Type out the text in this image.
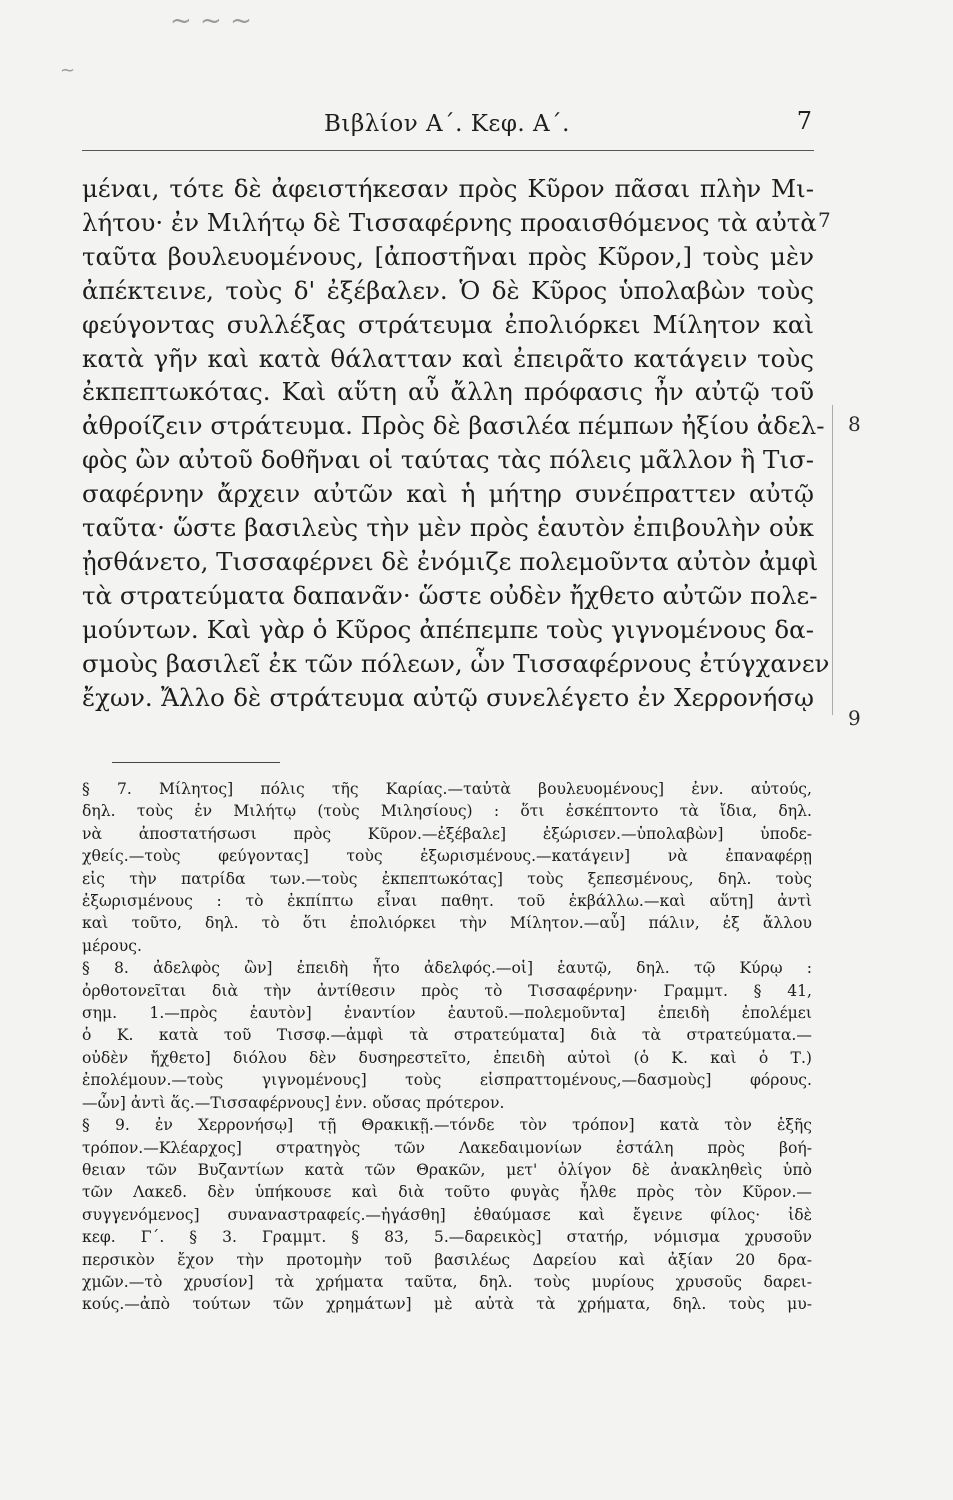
~ ~ ~
~
Βιβλίον Α΄. Κεφ. Α΄.	7
μέναι, τότε δὲ ἀφειστήκεσαν πρὸς Κῦρον πᾶσαι πλὴν Μι-
λήτου· ἐν Μιλήτῳ δὲ Τισσαφέρνης προαισθόμενος τὰ αὐτὰ
ταῦτα βουλευομένους, [ἀποστῆναι πρὸς Κῦρον,] τοὺς μὲν
ἀπέκτεινε, τοὺς δ' ἐξέβαλεν. Ὁ δὲ Κῦρος ὑπολαβὼν τοὺς
φεύγοντας συλλέξας στράτευμα ἐπολιόρκει Μίλητον καὶ
κατὰ γῆν καὶ κατὰ θάλατταν καὶ ἐπειρᾶτο κατάγειν τοὺς
ἐκπεπτωκότας. Καὶ αὕτη αὖ ἄλλη πρόφασις ἦν αὐτῷ τοῦ
ἀθροίζειν στράτευμα. Πρὸς δὲ βασιλέα πέμπων ἠξίου ἀδελ-
φὸς ὢν αὐτοῦ δοθῆναι οἱ ταύτας τὰς πόλεις μᾶλλον ἢ Τισ-
σαφέρνην ἄρχειν αὐτῶν καὶ ἡ μήτηρ συνέπραττεν αὐτῷ
ταῦτα· ὥστε βασιλεὺς τὴν μὲν πρὸς ἑαυτὸν ἐπιβουλὴν οὐκ
ᾐσθάνετο, Τισσαφέρνει δὲ ἐνόμιζε πολεμοῦντα αὐτὸν ἀμφὶ
τὰ στρατεύματα δαπανᾶν· ὥστε οὐδὲν ἤχθετο αὐτῶν πολε-
μούντων. Καὶ γὰρ ὁ Κῦρος ἀπέπεμπε τοὺς γιγνομένους δα-
σμοὺς βασιλεῖ ἐκ τῶν πόλεων, ὧν Τισσαφέρνους ἐτύγχανεν
ἔχων. Ἄλλο δὲ στράτευμα αὐτῷ συνελέγετο ἐν Χερρονήσῳ
7
8
9
§ 7. Μίλητος] πόλις τῆς Καρίας.—ταὐτὰ βουλευομένους] ἐνν. αὐτούς,
δηλ. τοὺς ἐν Μιλήτῳ (τοὺς Μιλησίους) : ὅτι ἐσκέπτοντο τὰ ἴδια, δηλ.
νὰ ἀποστατήσωσι πρὸς Κῦρον.—ἐξέβαλε] ἐξώρισεν.—ὑπολαβὼν] ὑποδε-
χθείς.—τοὺς φεύγοντας] τοὺς ἐξωρισμένους.—κατάγειν] νὰ ἐπαναφέρῃ
εἰς τὴν πατρίδα των.—τοὺς ἐκπεπτωκότας] τοὺς ξεπεσμένους, δηλ. τοὺς
ἐξωρισμένους : τὸ ἐκπίπτω εἶναι παθητ. τοῦ ἐκβάλλω.—καὶ αὕτη] ἀντὶ
καὶ τοῦτο, δηλ. τὸ ὅτι ἐπολιόρκει τὴν Μίλητον.—αὖ] πάλιν, ἐξ ἄλλου
μέρους.
§ 8. ἀδελφὸς ὢν] ἐπειδὴ ἦτο ἀδελφός.—οἱ] ἑαυτῷ, δηλ. τῷ Κύρῳ :
ὀρθοτονεῖται διὰ τὴν ἀντίθεσιν πρὸς τὸ Τισσαφέρνην· Γραμμτ. § 41,
σημ. 1.—πρὸς ἑαυτὸν] ἐναντίον ἑαυτοῦ.—πολεμοῦντα] ἐπειδὴ ἐπολέμει
ὁ Κ. κατὰ τοῦ Τισσφ.—ἀμφὶ τὰ στρατεύματα] διὰ τὰ στρατεύματα.—
οὐδὲν ἤχθετο] διόλου δὲν δυσηρεστεῖτο, ἐπειδὴ αὐτοὶ (ὁ Κ. καὶ ὁ Τ.)
ἐπολέμουν.—τοὺς γιγνομένους] τοὺς εἰσπραττομένους,—δασμοὺς] φόρους.
—ὧν] ἀντὶ ἅς.—Τισσαφέρνους] ἐνν. οὔσας πρότερον.
§ 9. ἐν Χερρονήσῳ] τῇ Θρακικῇ.—τόνδε τὸν τρόπον] κατὰ τὸν ἑξῆς
τρόπον.—Κλέαρχος] στρατηγὸς τῶν Λακεδαιμονίων ἐστάλη πρὸς βοή-
θειαν τῶν Βυζαντίων κατὰ τῶν Θρακῶν, μετ' ὀλίγον δὲ ἀνακληθεὶς ὑπὸ
τῶν Λακεδ. δὲν ὑπήκουσε καὶ διὰ τοῦτο φυγὰς ἦλθε πρὸς τὸν Κῦρον.—
συγγενόμενος] συναναστραφείς.—ἠγάσθη] ἐθαύμασε καὶ ἔγεινε φίλος· ἰδὲ
κεφ. Γ΄. § 3. Γραμμτ. § 83, 5.—δαρεικὸς] στατήρ, νόμισμα χρυσοῦν
περσικὸν ἔχον τὴν προτομὴν τοῦ βασιλέως Δαρείου καὶ ἀξίαν 20 δρα-
χμῶν.—τὸ χρυσίον] τὰ χρήματα ταῦτα, δηλ. τοὺς μυρίους χρυσοῦς δαρει-
κούς.—ἀπὸ τούτων τῶν χρημάτων] μὲ αὐτὰ τὰ χρήματα, δηλ. τοὺς μυ-
